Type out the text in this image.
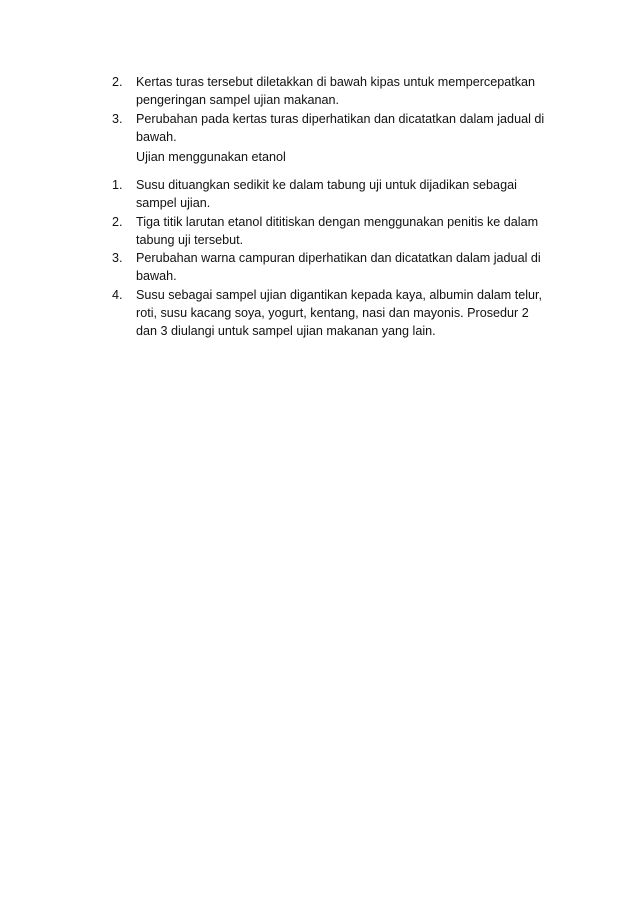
2.	Kertas turas tersebut diletakkan di bawah kipas untuk mempercepatkan pengeringan sampel ujian makanan.
3.	Perubahan pada kertas turas diperhatikan dan dicatatkan dalam jadual di bawah.
Ujian menggunakan etanol
1.	Susu dituangkan sedikit ke dalam tabung uji untuk dijadikan sebagai sampel ujian.
2.	Tiga titik larutan etanol dititiskan dengan menggunakan penitis ke dalam tabung uji tersebut.
3.	Perubahan warna campuran diperhatikan dan dicatatkan dalam jadual di bawah.
4.	Susu sebagai sampel ujian digantikan kepada kaya, albumin dalam telur, roti, susu kacang soya, yogurt, kentang, nasi dan mayonis. Prosedur 2 dan 3 diulangi untuk sampel ujian makanan yang lain.
